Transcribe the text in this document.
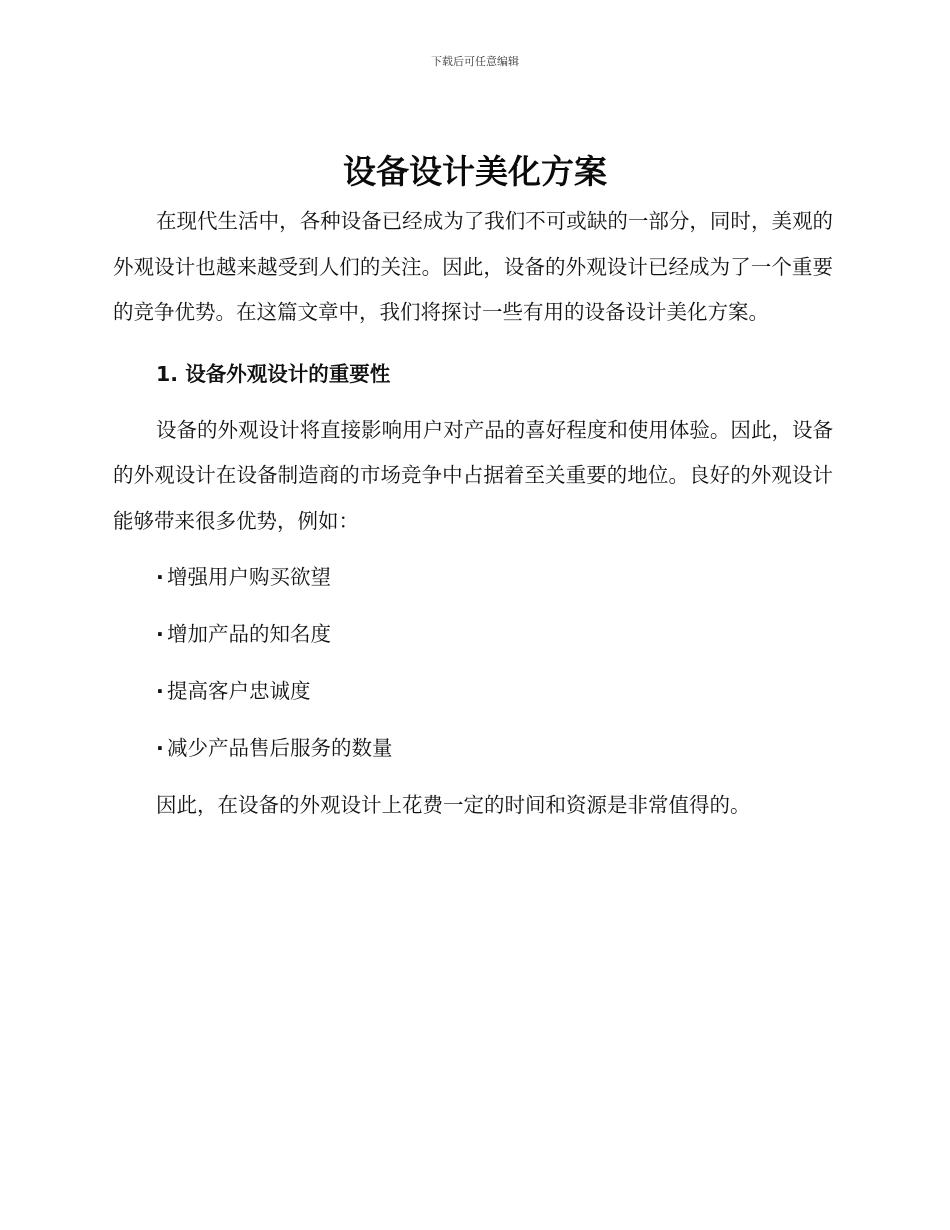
下载后可任意编辑
设备设计美化方案

在现代生活中，各种设备已经成为了我们不可或缺的一部分，同时，美观的外观设计也越来越受到人们的关注。因此，设备的外观设计已经成为了一个重要的竞争优势。在这篇文章中，我们将探讨一些有用的设备设计美化方案。

1. 设备外观设计的重要性

设备的外观设计将直接影响用户对产品的喜好程度和使用体验。因此，设备的外观设计在设备制造商的市场竞争中占据着至关重要的地位。良好的外观设计能够带来很多优势，例如：

· 增强用户购买欲望
· 增加产品的知名度
· 提高客户忠诚度
· 减少产品售后服务的数量

因此，在设备的外观设计上花费一定的时间和资源是非常值得的。
